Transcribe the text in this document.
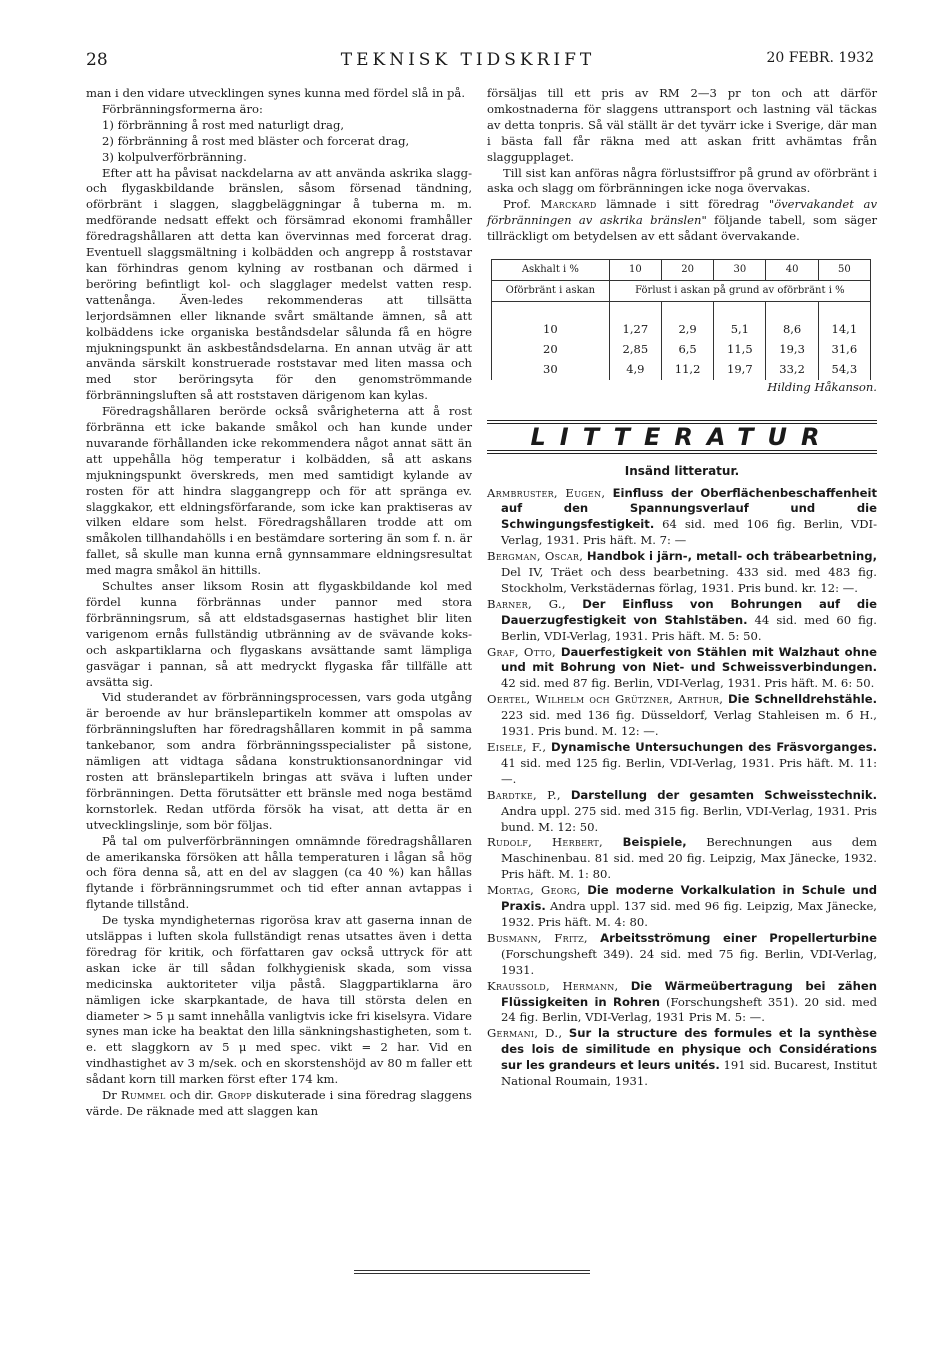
28	TEKNISK TIDSKRIFT	20 FEBR. 1932

man i den vidare utvecklingen synes kunna med fördel slå in på.

Förbränningsformerna äro:

1) förbränning å rost med naturligt drag,

2) förbränning å rost med bläster och forcerat drag,

3) kolpulverförbränning.

Efter att ha påvisat nackdelarna av att använda askrika slagg- och flygaskbildande bränslen, såsom försenad tändning, oförbränt i slaggen, slaggbeläggningar å tuberna m. m. medförande nedsatt effekt och försämrad ekonomi framhåller föredragshållaren att detta kan övervinnas med forcerat drag. Eventuell slaggsmältning i kolbädden och angrepp å roststavar kan förhindras genom kylning av rostbanan och därmed i beröring befintligt kol- och slagglager medelst vatten resp. vattenånga. Även-ledes rekommenderas att tillsätta lerjordsämnen eller liknande svårt smältande ämnen, så att kolbäddens icke organiska beståndsdelar sålunda få en högre mjukningspunkt än askbeståndsdelarna. En annan utväg är att använda särskilt konstruerade roststavar med liten massa och med stor beröringsyta för den genomströmmande förbränningsluften så att roststaven därigenom kan kylas.

Föredragshållaren berörde också svårigheterna att å rost förbränna ett icke bakande småkol och han kunde under nuvarande förhållanden icke rekommendera något annat sätt än att uppehålla hög temperatur i kolbädden, så att askans mjukningspunkt överskreds, men med samtidigt kylande av rosten för att hindra slaggangrepp och för att spränga ev. slaggkakor, ett eldningsförfarande, som icke kan praktiseras av vilken eldare som helst. Föredragshållaren trodde att om småkolen tillhandahölls i en bestämdare sortering än som f. n. är fallet, så skulle man kunna ernå gynnsammare eldningsresultat med magra småkol än hittills.

Schultes anser liksom Rosin att flygaskbildande kol med fördel kunna förbrännas under pannor med stora förbränningsrum, så att eldstadsgasernas hastighet blir liten varigenom ernås fullständig utbränning av de svävande koks- och askpartiklarna och flygaskans avsättande samt lämpliga gasvägar i pannan, så att medryckt flygaska får tillfälle att avsätta sig.

Vid studerandet av förbränningsprocessen, vars goda utgång är beroende av hur bränslepartikeln kommer att omspolas av förbränningsluften har föredragshållaren kommit in på samma tankebanor, som andra förbränningsspecialister på sistone, nämligen att vidtaga sådana konstruktionsanordningar vid rosten att bränslepartikeln bringas att sväva i luften under förbränningen. Detta förutsätter ett bränsle med noga bestämd kornstorlek. Redan utförda försök ha visat, att detta är en utvecklingslinje, som bör följas.

På tal om pulverförbränningen omnämnde föredragshållaren de amerikanska försöken att hålla temperaturen i lågan så hög och föra denna så, att en del av slaggen (ca 40 %) kan hållas flytande i förbränningsrummet och tid efter annan avtappas i flytande tillstånd.

De tyska myndigheternas rigorösa krav att gaserna innan de utsläppas i luften skola fullständigt renas utsattes även i detta föredrag för kritik, och författaren gav också uttryck för att askan icke är till sådan folkhygienisk skada, som vissa medicinska auktoriteter vilja påstå. Slaggpartiklarna äro nämligen icke skarpkantade, de hava till största delen en diameter > 5 μ samt innehålla vanligtvis icke fri kiselsyra. Vidare synes man icke ha beaktat den lilla sänkningshastigheten, som t. e. ett slaggkorn av 5 μ med spec. vikt = 2 har. Vid en vindhastighet av 3 m/sek. och en skorstenshöjd av 80 m faller ett sådant korn till marken först efter 174 km.

Dr Rummel och dir. Gropp diskuterade i sina föredrag slaggens värde. De räknade med att slaggen kan

försäljas till ett pris av RM 2—3 pr ton och att därför omkostnaderna för slaggens uttransport och lastning väl täckas av detta tonpris. Så väl ställt är det tyvärr icke i Sverige, där man i bästa fall får räkna med att askan fritt avhämtas från slaggupplaget.

Till sist kan anföras några förlustsiffror på grund av oförbränt i aska och slagg om förbränningen icke noga övervakas.

Prof. Marckard lämnade i sitt föredrag "övervakandet av förbränningen av askrika bränslen" följande tabell, som säger tillräckligt om betydelsen av ett sådant övervakande.

Askhalt i %	10	20	30	40	50
Oförbränt i askan	Förlust i askan på grund av oförbränt i %				

10	1,27	2,9	5,1	8,6	14,1
20	2,85	6,5	11,5	19,3	31,6
30	4,9	11,2	19,7	33,2	54,3

Hilding Håkanson.

LITTERATUR
Insänd litteratur.

Armbruster, Eugen, Einfluss der Oberflächenbeschaffenheit auf den Spannungsverlauf und die Schwingungsfestigkeit. 64 sid. med 106 fig. Berlin, VDI-Verlag, 1931. Pris häft. M. 7: —

Bergman, Oscar, Handbok i järn-, metall- och träbearbetning, Del IV, Träet och dess bearbetning. 433 sid. med 483 fig. Stockholm, Verkstädernas förlag, 1931. Pris bund. kr. 12: —.

Barner, G., Der Einfluss von Bohrungen auf die Dauerzugfestigkeit von Stahlstäben. 44 sid. med 60 fig. Berlin, VDI-Verlag, 1931. Pris häft. M. 5: 50.

Graf, Otto, Dauerfestigkeit von Stählen mit Walzhaut ohne und mit Bohrung von Niet- und Schweissverbindungen. 42 sid. med 87 fig. Berlin, VDI-Verlag, 1931. Pris häft. M. 6: 50.

Oertel, Wilhelm och Grützner, Arthur, Die Schnelldrehstähle. 223 sid. med 136 fig. Düsseldorf, Verlag Stahleisen m. б H., 1931. Pris bund. M. 12: —.

Eisele, F., Dynamische Untersuchungen des Fräsvorganges. 41 sid. med 125 fig. Berlin, VDI-Verlag, 1931. Pris häft. M. 11: —.

Bardtke, P., Darstellung der gesamten Schweisstechnik. Andra uppl. 275 sid. med 315 fig. Berlin, VDI-Verlag, 1931. Pris bund. M. 12: 50.

Rudolf, Herbert, Beispiele, Berechnungen aus dem Maschinenbau. 81 sid. med 20 fig. Leipzig, Max Jänecke, 1932. Pris häft. M. 1: 80.

Mortag, Georg, Die moderne Vorkalkulation in Schule und Praxis. Andra uppl. 137 sid. med 96 fig. Leipzig, Max Jänecke, 1932. Pris häft. M. 4: 80.

Busmann, Fritz, Arbeitsströmung einer Propellerturbine (Forschungsheft 349). 24 sid. med 75 fig. Berlin, VDI-Verlag, 1931.

Kraussold, Hermann, Die Wärmeübertragung bei zähen Flüssigkeiten in Rohren (Forschungsheft 351). 20 sid. med 24 fig. Berlin, VDI-Verlag, 1931 Pris M. 5: —.

Germani, D., Sur la structure des formules et la synthèse des lois de similitude en physique och Considérations sur les grandeurs et leurs unités. 191 sid. Bucarest, Institut National Roumain, 1931.
